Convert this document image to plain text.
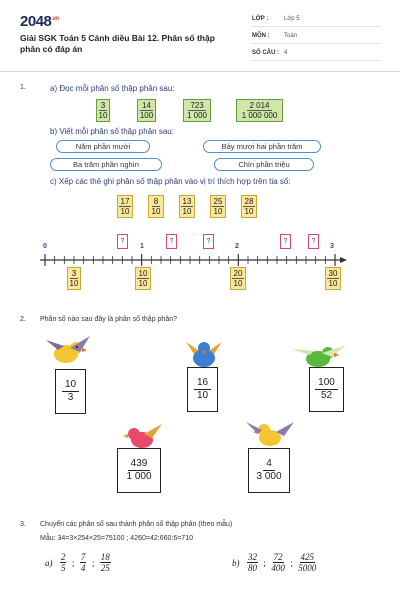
$2048^{.vn}$
Giải SGK Toán 5 Cánh diều Bài 12. Phân số thập phân có đáp án
LỚP :	Lớp 5
MÔN : Toán
SỐ CÂU : 4
1.	a) Đọc mỗi phân số thập phân sau:
$\frac{3}{10}$	$\frac{14}{100}$	$\frac{723}{1 000}$	$\frac{2 014}{1 000 000}$
b) Viết mỗi phân số thập phân sau:
Năm phần mười	Bảy mươi hai phần trăm
Ba trăm phần nghìn	Chín phần triệu
c) Xếp các thẻ ghi phân số thập phân vào vị trí thích hợp trên tia số:
$\frac{17}{10} \frac{8}{10} \frac{13}{10} \frac{25}{10} \frac{28}{10}$
0	1	2	3
?	?	?	?	?
$\frac{3}{10}$	$\frac{10}{10}$	$\frac{20}{10}$	$\frac{30}{10}$
2. Phân số nào sau đây là phân số thập phân?
10
3
16
10
100
52
439
1 000
4
3 000
3. Chuyển các phân số sau thành phân số thập phân (theo mẫu)
Mẫu: 34=3×254×25=75100 ; 4260=42:660:6=710
$a) \frac{2}{5}$ ; $\frac{7}{4}$ ; $\frac{18}{25}$	$b) \frac{32}{80}$ ; $\frac{72}{400}$ ; $\frac{425}{5000}$
